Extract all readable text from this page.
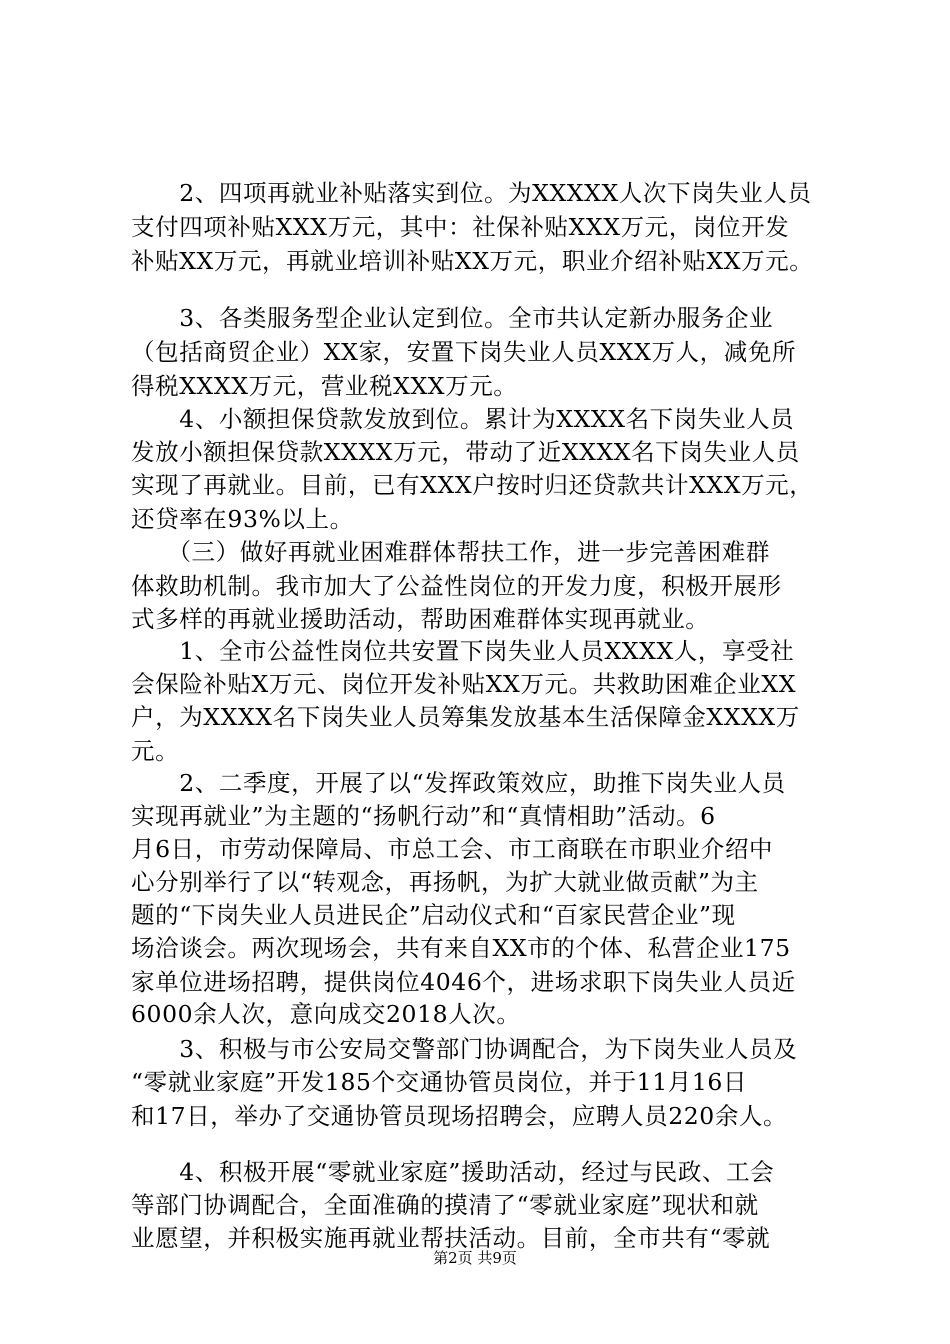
　　2、四项再就业补贴落实到位。为XXXXX人次下岗失业人员
支付四项补贴XXX万元，其中：社保补贴XXX万元，岗位开发
补贴XX万元，再就业培训补贴XX万元，职业介绍补贴XX万元。
　　3、各类服务型企业认定到位。全市共认定新办服务企业
（包括商贸企业）XX家，安置下岗失业人员XXX万人，减免所
得税XXXX万元，营业税XXX万元。
　　4、小额担保贷款发放到位。累计为XXXX名下岗失业人员
发放小额担保贷款XXXX万元，带动了近XXXX名下岗失业人员
实现了再就业。目前，已有XXX户按时归还贷款共计XXX万元，
还贷率在93%以上。
　　（三）做好再就业困难群体帮扶工作，进一步完善困难群
体救助机制。我市加大了公益性岗位的开发力度，积极开展形
式多样的再就业援助活动，帮助困难群体实现再就业。
　　1、全市公益性岗位共安置下岗失业人员XXXX人，享受社
会保险补贴X万元、岗位开发补贴XX万元。共救助困难企业XX
户，为XXXX名下岗失业人员筹集发放基本生活保障金XXXX万
元。
　　2、二季度，开展了以“发挥政策效应，助推下岗失业人员
实现再就业”为主题的“扬帆行动”和“真情相助”活动。6
月6日，市劳动保障局、市总工会、市工商联在市职业介绍中
心分别举行了以“转观念，再扬帆，为扩大就业做贡献”为主
题的“下岗失业人员进民企”启动仪式和“百家民营企业”现
场洽谈会。两次现场会，共有来自XX市的个体、私营企业175
家单位进场招聘，提供岗位4046个，进场求职下岗失业人员近
6000余人次，意向成交2018人次。
　　3、积极与市公安局交警部门协调配合，为下岗失业人员及
“零就业家庭”开发185个交通协管员岗位，并于11月16日
和17日，举办了交通协管员现场招聘会，应聘人员220余人。
　　4、积极开展“零就业家庭”援助活动，经过与民政、工会
等部门协调配合，全面准确的摸清了“零就业家庭”现状和就
业愿望，并积极实施再就业帮扶活动。目前，全市共有“零就
第2页 共9页
